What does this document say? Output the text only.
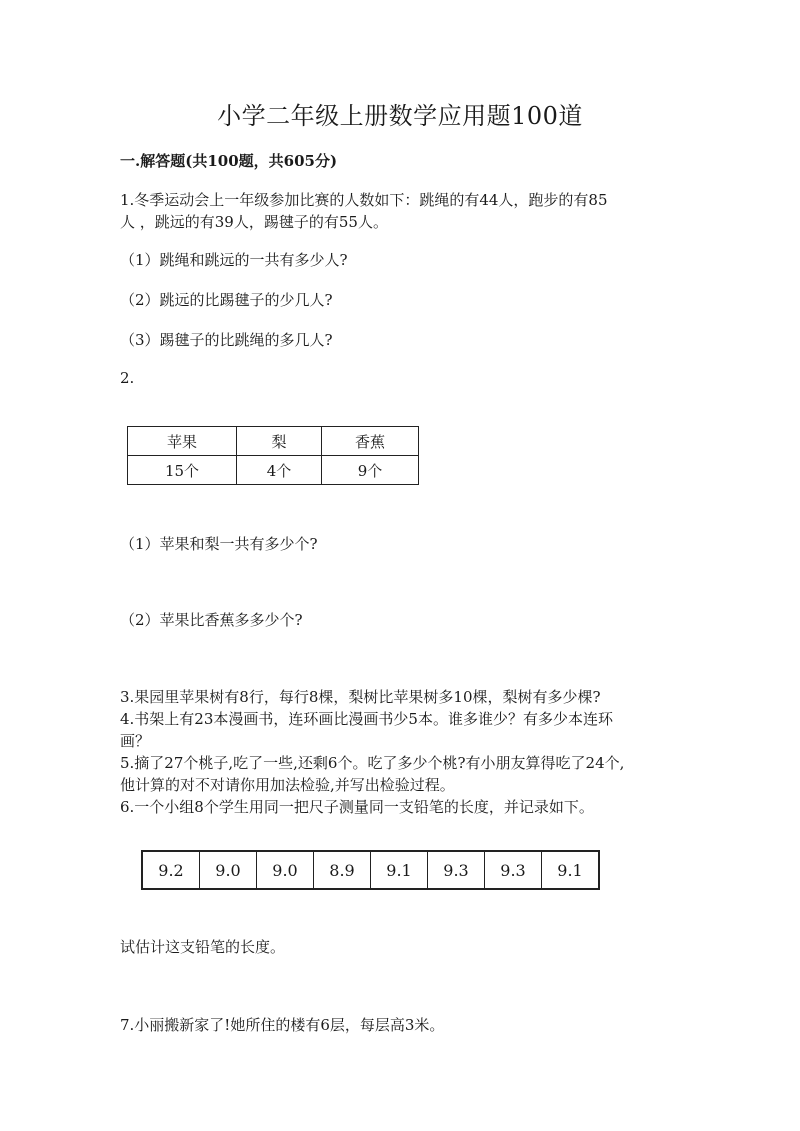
小学二年级上册数学应用题100道
一.解答题(共100题，共605分)
1.冬季运动会上一年级参加比赛的人数如下：跳绳的有44人，跑步的有85
人 ，跳远的有39人，踢毽子的有55人。
（1）跳绳和跳远的一共有多少人?
（2）跳远的比踢毽子的少几人?
（3）踢毽子的比跳绳的多几人?
2.
苹果	梨	香蕉
15个	4个	9个
（1）苹果和梨一共有多少个?
（2）苹果比香蕉多多少个?
3.果园里苹果树有8行，每行8棵，梨树比苹果树多10棵，梨树有多少棵?
4.书架上有23本漫画书，连环画比漫画书少5本。谁多谁少？有多少本连环
画？
5.摘了27个桃子,吃了一些,还剩6个。吃了多少个桃?有小朋友算得吃了24个,
他计算的对不对请你用加法检验,并写出检验过程。
6.一个小组8个学生用同一把尺子测量同一支铅笔的长度，并记录如下。
9.2	9.0	9.0	8.9	9.1	9.3	9.3	9.1
试估计这支铅笔的长度。
7.小丽搬新家了!她所住的楼有6层，每层高3米。
